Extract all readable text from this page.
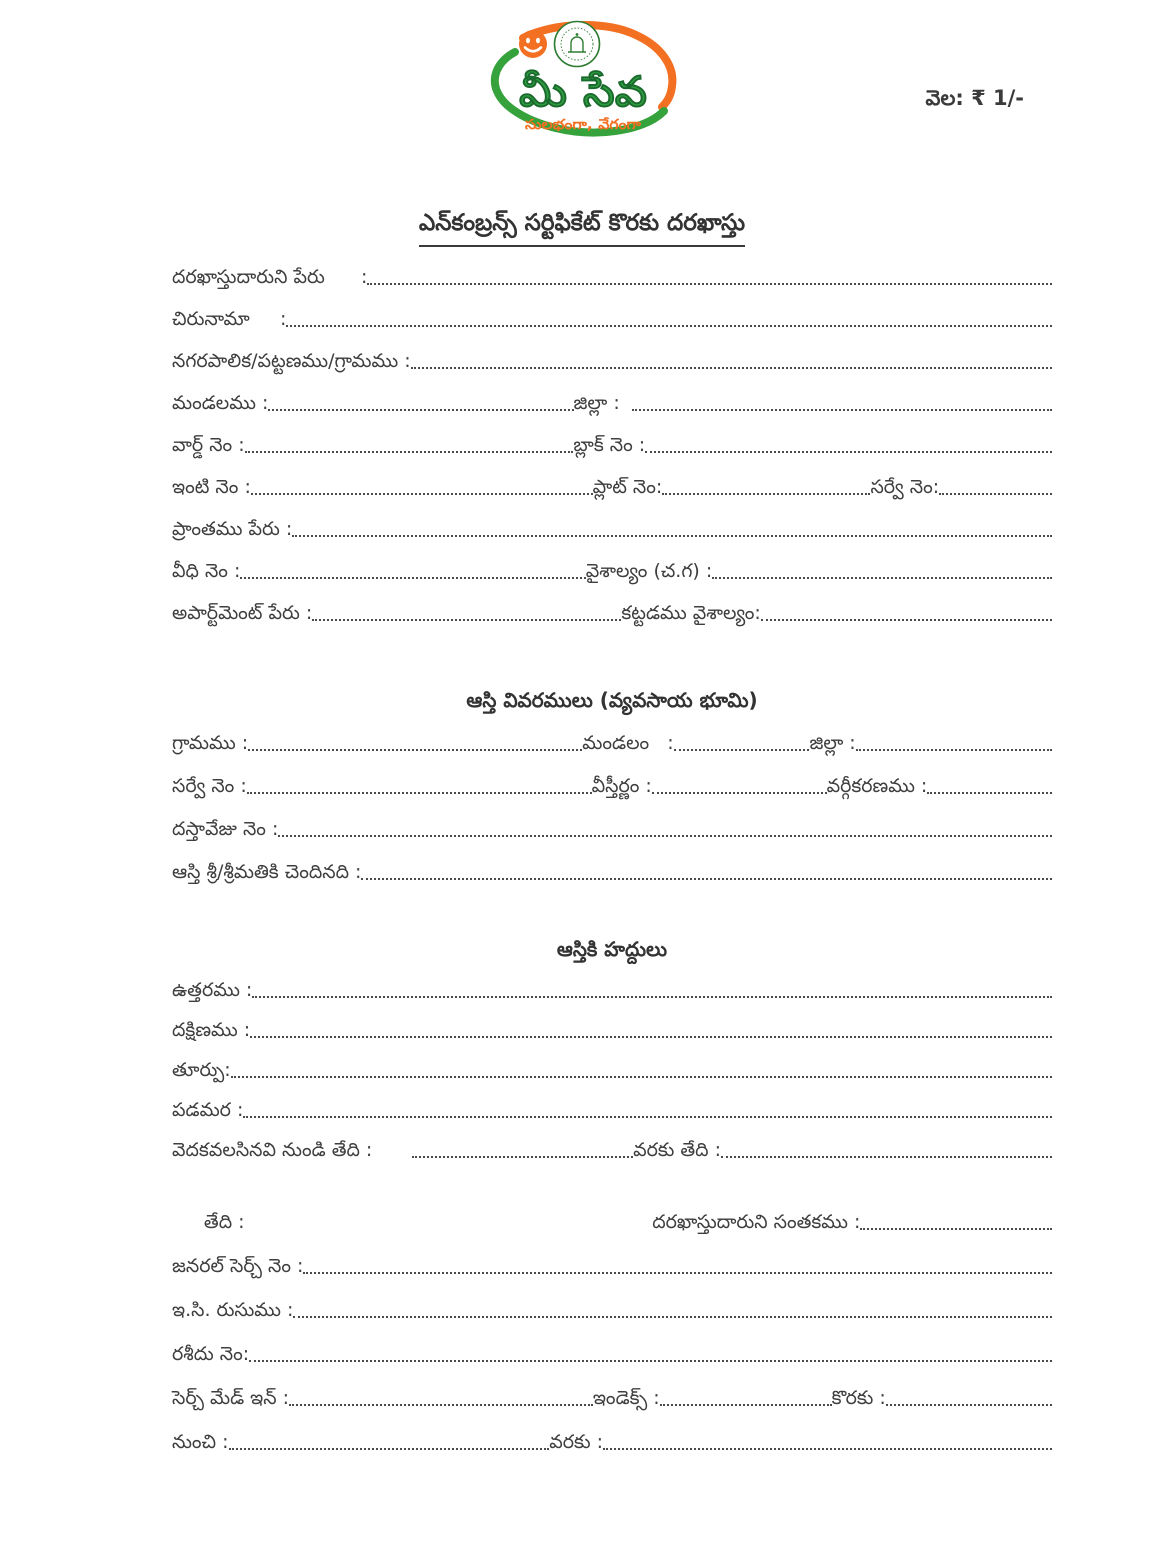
మీ సేవ
సులభంగా, వేగంగా
వెల: ₹ 1/-
ఎన్‌కంబ్రన్స్ సర్టిఫికేట్ కొరకు దరఖాస్తు
దరఖాస్తుదారుని పేరు      :
చిరునామా     :
నగరపాలిక/పట్టణము/గ్రామము :
మండలము :	జిల్లా :
వార్డ్ నెం :	బ్లాక్ నెం :
ఇంటి నెం :	ప్లాట్ నెం:	సర్వే నెం:
ప్రాంతము పేరు :
వీధి నెం :	వైశాల్యం (చ.గ) :
అపార్ట్‌మెంట్ పేరు :	కట్టడము వైశాల్యం:
ఆస్తి వివరములు (వ్యవసాయ భూమి)
గ్రామము :	మండలం   :	జిల్లా :
సర్వే నెం :	వీస్తీర్ణం :	వర్గీకరణము :
దస్తావేజు నెం :
ఆస్తి శ్రీ/శ్రీమతికి చెందినది :
ఆస్తికి హద్దులు
ఉత్తరము :
దక్షిణము :
తూర్పు:
పడమర :
వెదకవలసినవి నుండి తేది :	వరకు తేది :
తేది :	దరఖాస్తుదారుని సంతకము :
జనరల్ సెర్చ్ నెం :
ఇ.సి. రుసుము :
రశీదు నెం:
సెర్చ్ మేడ్ ఇన్ :	ఇండెక్స్ :	కొరకు :
నుంచి :	వరకు :
